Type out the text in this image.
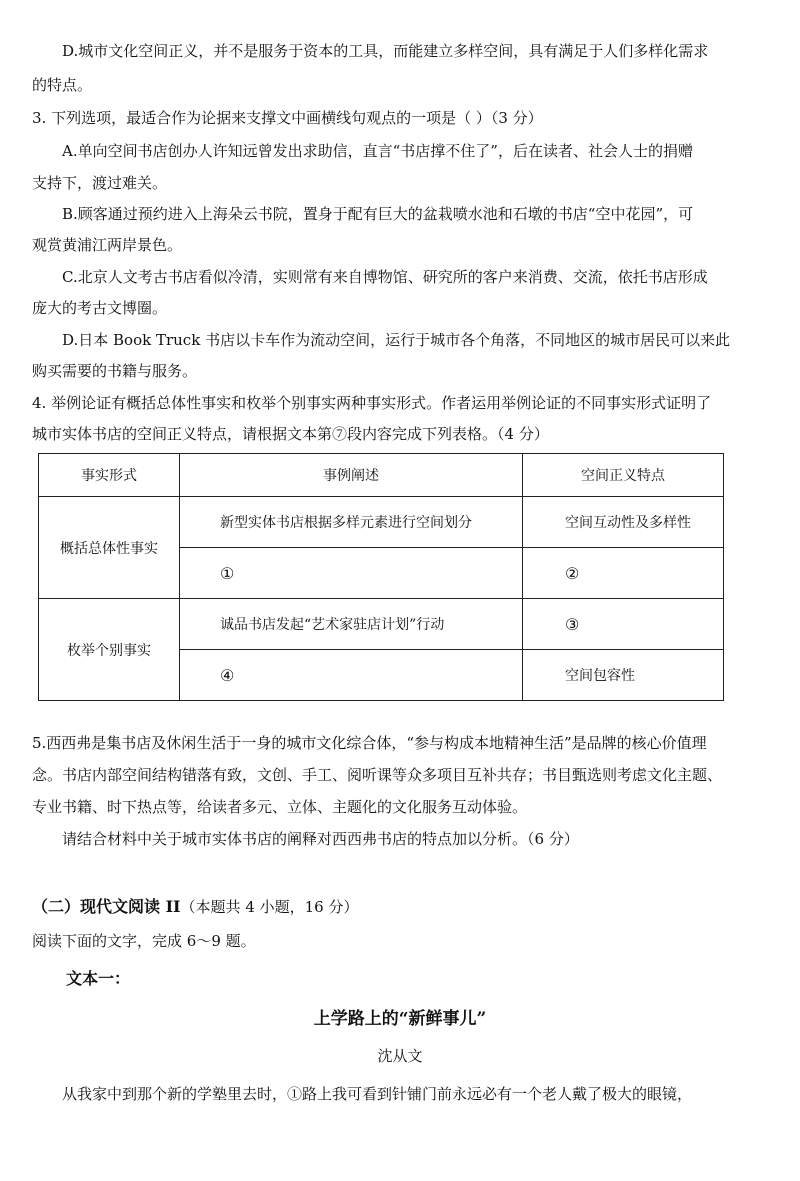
D.城市文化空间正义，并不是服务于资本的工具，而能建立多样空间，具有满足于人们多样化需求
的特点。
3. 下列选项，最适合作为论据来支撑文中画横线句观点的一项是（ ）（3 分）
A.单向空间书店创办人许知远曾发出求助信，直言“书店撑不住了”，后在读者、社会人士的捐赠
支持下，渡过难关。
B.顾客通过预约进入上海朵云书院，置身于配有巨大的盆栽喷水池和石墩的书店“空中花园”，可
观赏黄浦江两岸景色。
C.北京人文考古书店看似冷清，实则常有来自博物馆、研究所的客户来消费、交流，依托书店形成
庞大的考古文博圈。
D.日本 Book Truck 书店以卡车作为流动空间，运行于城市各个角落，不同地区的城市居民可以来此
购买需要的书籍与服务。
4. 举例论证有概括总体性事实和枚举个别事实两种事实形式。作者运用举例论证的不同事实形式证明了
城市实体书店的空间正义特点，请根据文本第⑦段内容完成下列表格。（4 分）
事实形式	事例阐述	空间正义特点
概括总体性事实	新型实体书店根据多样元素进行空间划分	空间互动性及多样性
	①	②
枚举个别事实	诚品书店发起“艺术家驻店计划”行动	③
	④	空间包容性
5.西西弗是集书店及休闲生活于一身的城市文化综合体，“参与构成本地精神生活”是品牌的核心价值理
念。书店内部空间结构错落有致，文创、手工、阅听课等众多项目互补共存；书目甄选则考虑文化主题、
专业书籍、时下热点等，给读者多元、立体、主题化的文化服务互动体验。
请结合材料中关于城市实体书店的阐释对西西弗书店的特点加以分析。（6 分）
（二）现代文阅读 II（本题共 4 小题，16 分）
阅读下面的文字，完成 6～9 题。
文本一：
上学路上的“新鲜事儿”
沈从文
从我家中到那个新的学塾里去时，①路上我可看到针铺门前永远必有一个老人戴了极大的眼镜，
